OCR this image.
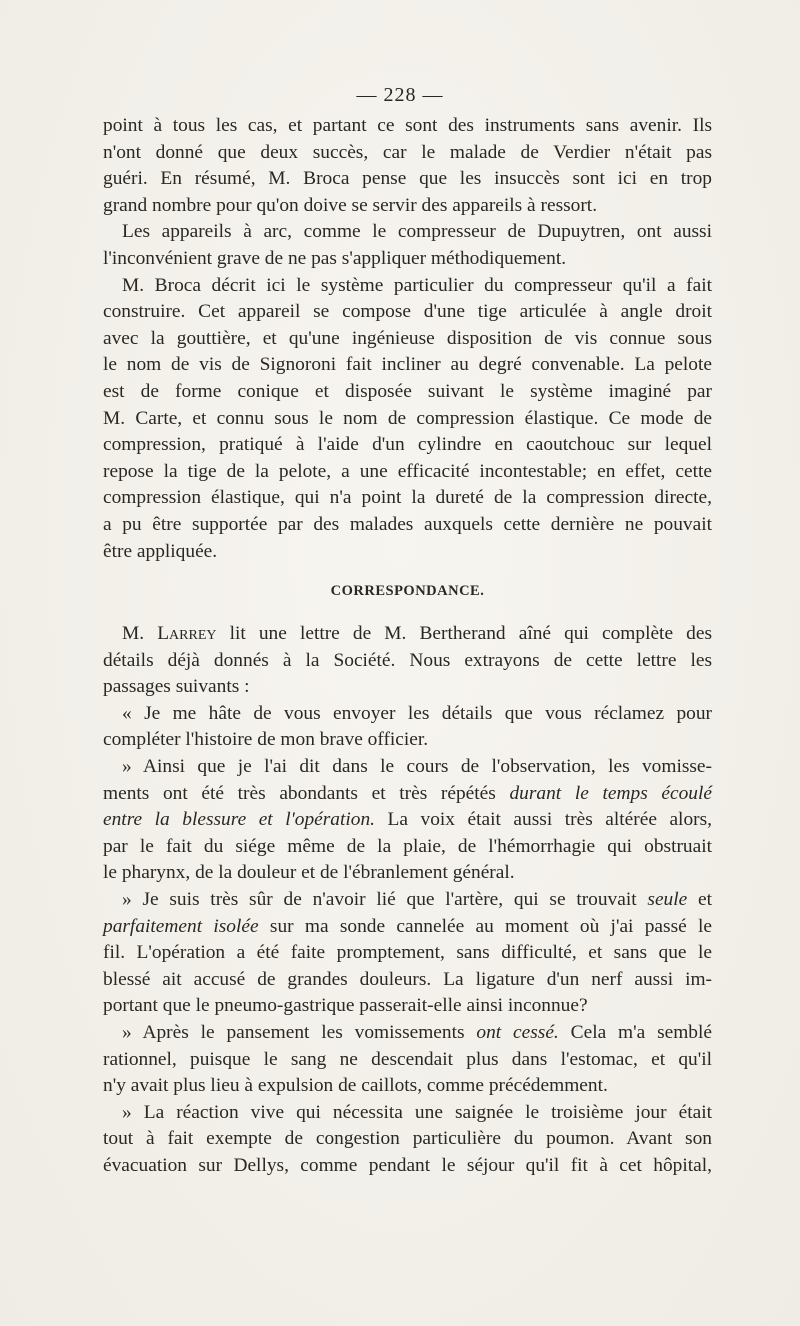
— 228 —
point à tous les cas, et partant ce sont des instruments sans avenir. Ils
n'ont donné que deux succès, car le malade de Verdier n'était pas
guéri. En résumé, M. Broca pense que les insuccès sont ici en trop
grand nombre pour qu'on doive se servir des appareils à ressort.
Les appareils à arc, comme le compresseur de Dupuytren, ont aussi
l'inconvénient grave de ne pas s'appliquer méthodiquement.
M. Broca décrit ici le système particulier du compresseur qu'il a fait
construire. Cet appareil se compose d'une tige articulée à angle droit
avec la gouttière, et qu'une ingénieuse disposition de vis connue sous
le nom de vis de Signoroni fait incliner au degré convenable. La pelote
est de forme conique et disposée suivant le système imaginé par
M. Carte, et connu sous le nom de compression élastique. Ce mode de
compression, pratiqué à l'aide d'un cylindre en caoutchouc sur lequel
repose la tige de la pelote, a une efficacité incontestable; en effet, cette
compression élastique, qui n'a point la dureté de la compression directe,
a pu être supportée par des malades auxquels cette dernière ne pouvait
être appliquée.
CORRESPONDANCE.
M. Larrey lit une lettre de M. Bertherand aîné qui complète des
détails déjà donnés à la Société. Nous extrayons de cette lettre les
passages suivants :
« Je me hâte de vous envoyer les détails que vous réclamez pour
compléter l'histoire de mon brave officier.
» Ainsi que je l'ai dit dans le cours de l'observation, les vomisse-
ments ont été très abondants et très répétés durant le temps écoulé
entre la blessure et l'opération. La voix était aussi très altérée alors,
par le fait du siége même de la plaie, de l'hémorrhagie qui obstruait
le pharynx, de la douleur et de l'ébranlement général.
» Je suis très sûr de n'avoir lié que l'artère, qui se trouvait seule et
parfaitement isolée sur ma sonde cannelée au moment où j'ai passé le
fil. L'opération a été faite promptement, sans difficulté, et sans que le
blessé ait accusé de grandes douleurs. La ligature d'un nerf aussi im-
portant que le pneumo-gastrique passerait-elle ainsi inconnue?
» Après le pansement les vomissements ont cessé. Cela m'a semblé
rationnel, puisque le sang ne descendait plus dans l'estomac, et qu'il
n'y avait plus lieu à expulsion de caillots, comme précédemment.
» La réaction vive qui nécessita une saignée le troisième jour était
tout à fait exempte de congestion particulière du poumon. Avant son
évacuation sur Dellys, comme pendant le séjour qu'il fit à cet hôpital,
